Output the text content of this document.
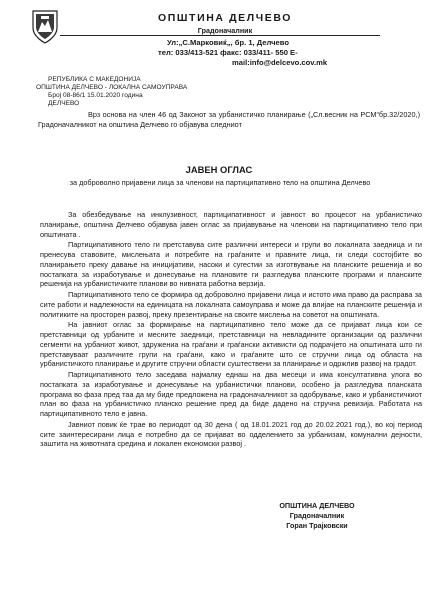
ОПШТИНА ДЕЛЧЕВО
Градоначалник
Ул:„С.Марковиќ„, бр. 1, Делчево
тел: 033/413-521 факс: 033/411- 550 Е-
mail:info@delcevo.cov.mk
РЕПУБЛИКА С МАКЕДОНИЈА
ОПШТИНА ДЕЛЧЕВО - ЛОКАЛНА САМОУПРАВА
Број 08-86/1 15.01.2020 година
ДЕЛЧЕВО
Врз основа на член 46 од Законот за урбанистичко планирање („Сл.весник на РСМ“бр.32/2020,) Градоначалникот на општина Делчево го објавува следниот
ЈАВЕН ОГЛАС
за доброволно пријавени лица за членови на партиципативно тело на општина Делчево

За обезбедување на инклузивност, партиципативност и јавност во процесот на урбанистичко планирање, општина Делчево објавува јавен оглас за пријавување на членови на партиципативно тело при општината .

Партиципативното тело ги претставува сите различни интереси и групи во локалната заедница и ги пренесува ставовите, мислењата и потребите на граѓаните и правните лица, ги следи состојбите во планирањето преку давање на иницијативи, насоки и сугестии за изготвување на планските решенија и во постапката за изработување и донесување на плановите ги разгледува планските програми и планските решенија на урбанистичките планови во нивната работна верзија.

Партиципативното тело се формира од доброволно пријавени лица и истото има право да расправа за сите работи и надлежности на единицата на локалната самоуправа и може да влијае на планските решенија и политиките на просторен развој, преку презентирање на своите мислења на советот на општината.

На јавниот оглас за формирање на партиципативно тело може да се пријават лица кои се претставници од урбаните и месните заедници, претставници на невладините организации од различни сегменти на урбаниот живот, здружениа на граѓани и граѓански активисти од подрачјето на општината што ги претставуваат различните групи на граѓани, како и граѓаните што се стручни лица од областа на урбанистичкото планирање и другите стручни области суштествени за планирање и одржлив развој на градот.

Партиципативното тело заседава најмалку еднаш на два месеци и има консултативна улога во постапката за изработување и донесување на урбанистички планови, особено ја разгледува планската програма во фаза пред таа да му биде предложена на градоначалникот за одобрување, како и урбанистичкиот план во фаза на урбанистичко планско решение пред да биде дадено на стручна ревизија. Работата на партиципативното тело е јавна.

Јавниот повик ќе трае во периодот од 30 дена ( од 18.01.2021 год до 20.02.2021 год.), во кој период сите заинтересирани лица е потребно да се пријават во одделението за урбанизам, комунални дејности, заштита на животната средина и локален економски развој .

ОПШТИНА ДЕЛЧЕВО
Градоначалник
Горан Трајковски
